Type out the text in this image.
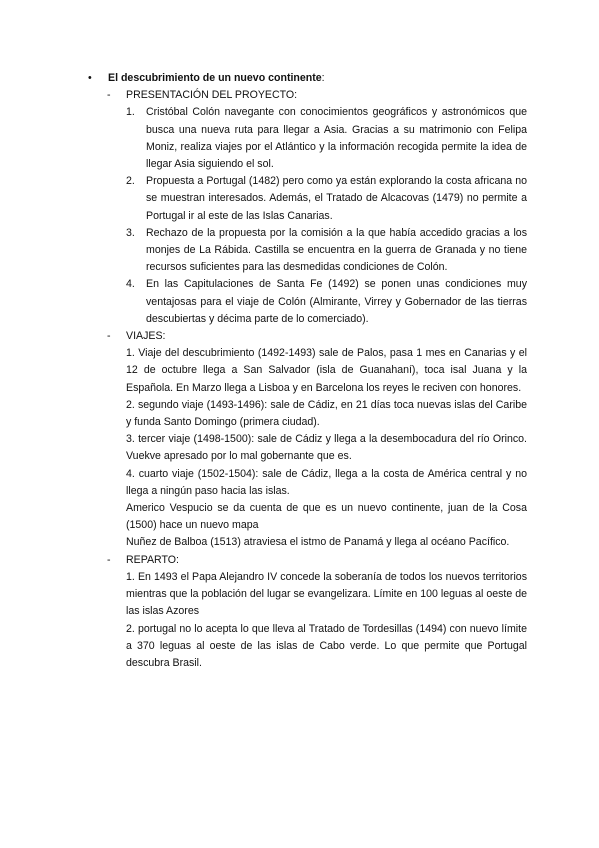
• El descubrimiento de un nuevo continente:
- PRESENTACIÓN DEL PROYECTO:
1. Cristóbal Colón navegante con conocimientos geográficos y astronómicos que busca una nueva ruta para llegar a Asia. Gracias a su matrimonio con Felipa Moniz, realiza viajes por el Atlántico y la información recogida permite la idea de llegar Asia siguiendo el sol.
2. Propuesta a Portugal (1482) pero como ya están explorando la costa africana no se muestran interesados. Además, el Tratado de Alcacovas (1479) no permite a Portugal ir al este de las Islas Canarias.
3. Rechazo de la propuesta por la comisión a la que había accedido gracias a los monjes de La Rábida. Castilla se encuentra en la guerra de Granada y no tiene recursos suficientes para las desmedidas condiciones de Colón.
4. En las Capitulaciones de Santa Fe (1492) se ponen unas condiciones muy ventajosas para el viaje de Colón (Almirante, Virrey y Gobernador de las tierras descubiertas y décima parte de lo comerciado).
- VIAJES:
1. Viaje del descubrimiento (1492-1493) sale de Palos, pasa 1 mes en Canarias y el 12 de octubre llega a San Salvador (isla de Guanahaní), toca isal Juana y la Española. En Marzo llega a Lisboa y en Barcelona los reyes le reciven con honores.
2. segundo viaje (1493-1496): sale de Cádiz, en 21 días toca nuevas islas del Caribe y funda Santo Domingo (primera ciudad).
3. tercer viaje (1498-1500): sale de Cádiz y llega a la desembocadura del río Orinco. Vuekve apresado por lo mal gobernante que es.
4. cuarto viaje (1502-1504): sale de Cádiz, llega a la costa de América central y no llega a ningún paso hacia las islas.
Americo Vespucio se da cuenta de que es un nuevo continente, juan de la Cosa (1500) hace un nuevo mapa
Nuñez de Balboa (1513) atraviesa el istmo de Panamá y llega al océano Pacífico.
- REPARTO:
1. En 1493 el Papa Alejandro IV concede la soberanía de todos los nuevos territorios mientras que la población del lugar se evangelizara. Límite en 100 leguas al oeste de las islas Azores
2. portugal no lo acepta lo que lleva al Tratado de Tordesillas (1494) con nuevo límite a 370 leguas al oeste de las islas de Cabo verde. Lo que permite que Portugal descubra Brasil.
